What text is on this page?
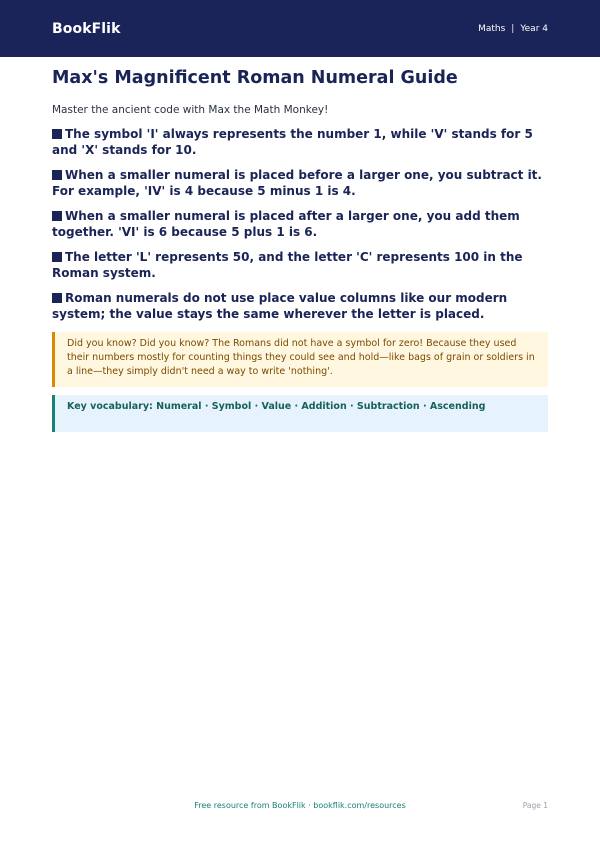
BookFlik	Maths | Year 4
Max's Magnificent Roman Numeral Guide

Master the ancient code with Max the Math Monkey!

The symbol 'I' always represents the number 1, while 'V' stands for 5 and 'X' stands for 10.
When a smaller numeral is placed before a larger one, you subtract it. For example, 'IV' is 4 because 5 minus 1 is 4.
When a smaller numeral is placed after a larger one, you add them together. 'VI' is 6 because 5 plus 1 is 6.
The letter 'L' represents 50, and the letter 'C' represents 100 in the Roman system.
Roman numerals do not use place value columns like our modern system; the value stays the same wherever the letter is placed.
Did you know? Did you know? The Romans did not have a symbol for zero! Because they used their numbers mostly for counting things they could see and hold—like bags of grain or soldiers in a line—they simply didn't need a way to write 'nothing'.
Key vocabulary: Numeral · Symbol · Value · Addition · Subtraction · Ascending
Free resource from BookFlik · bookflik.com/resources	Page 1
